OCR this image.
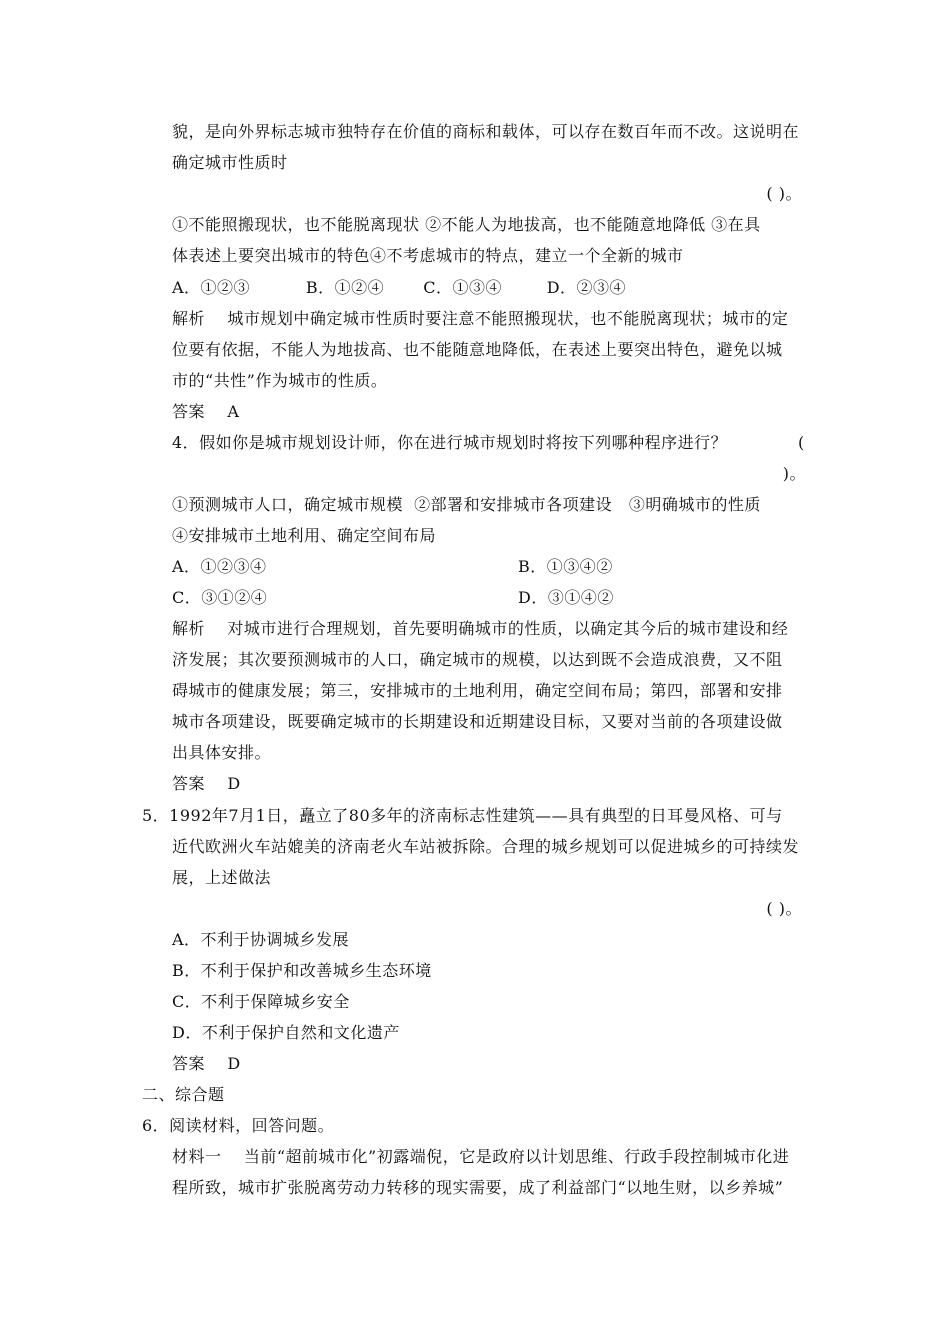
貌，是向外界标志城市独特存在价值的商标和载体，可以存在数百年而不改。这说明在
确定城市性质时
( )。
①不能照搬现状，也不能脱离现状 ②不能人为地拔高，也不能随意地降低 ③在具
体表述上要突出城市的特色④不考虑城市的特点，建立一个全新的城市
A．①②③          B．①②④       C．①③④        D．②③④
解析    城市规划中确定城市性质时要注意不能照搬现状，也不能脱离现状；城市的定
位要有依据，不能人为地拔高、也不能随意地降低，在表述上要突出特色，避免以城
市的“共性”作为城市的性质。
答案    A
4．假如你是城市规划设计师，你在进行城市规划时将按下列哪种程序进行？	(
)。
①预测城市人口，确定城市规模  ②部署和安排城市各项建设   ③明确城市的性质
④安排城市土地利用、确定空间布局
A．①②③④	B．①③④②
C．③①②④	D．③①④②
解析    对城市进行合理规划，首先要明确城市的性质，以确定其今后的城市建设和经
济发展；其次要预测城市的人口，确定城市的规模，以达到既不会造成浪费，又不阻
碍城市的健康发展；第三，安排城市的土地利用，确定空间布局；第四，部署和安排
城市各项建设，既要确定城市的长期建设和近期建设目标，又要对当前的各项建设做
出具体安排。
答案    D
5．1992年7月1日，矗立了80多年的济南标志性建筑——具有典型的日耳曼风格、可与
近代欧洲火车站媲美的济南老火车站被拆除。合理的城乡规划可以促进城乡的可持续发
展，上述做法
( )。
A．不利于协调城乡发展
B．不利于保护和改善城乡生态环境
C．不利于保障城乡安全
D．不利于保护自然和文化遗产
答案    D
二、综合题
6．阅读材料，回答问题。
材料一    当前“超前城市化”初露端倪，它是政府以计划思维、行政手段控制城市化进
程所致，城市扩张脱离劳动力转移的现实需要，成了利益部门“以地生财，以乡养城”
